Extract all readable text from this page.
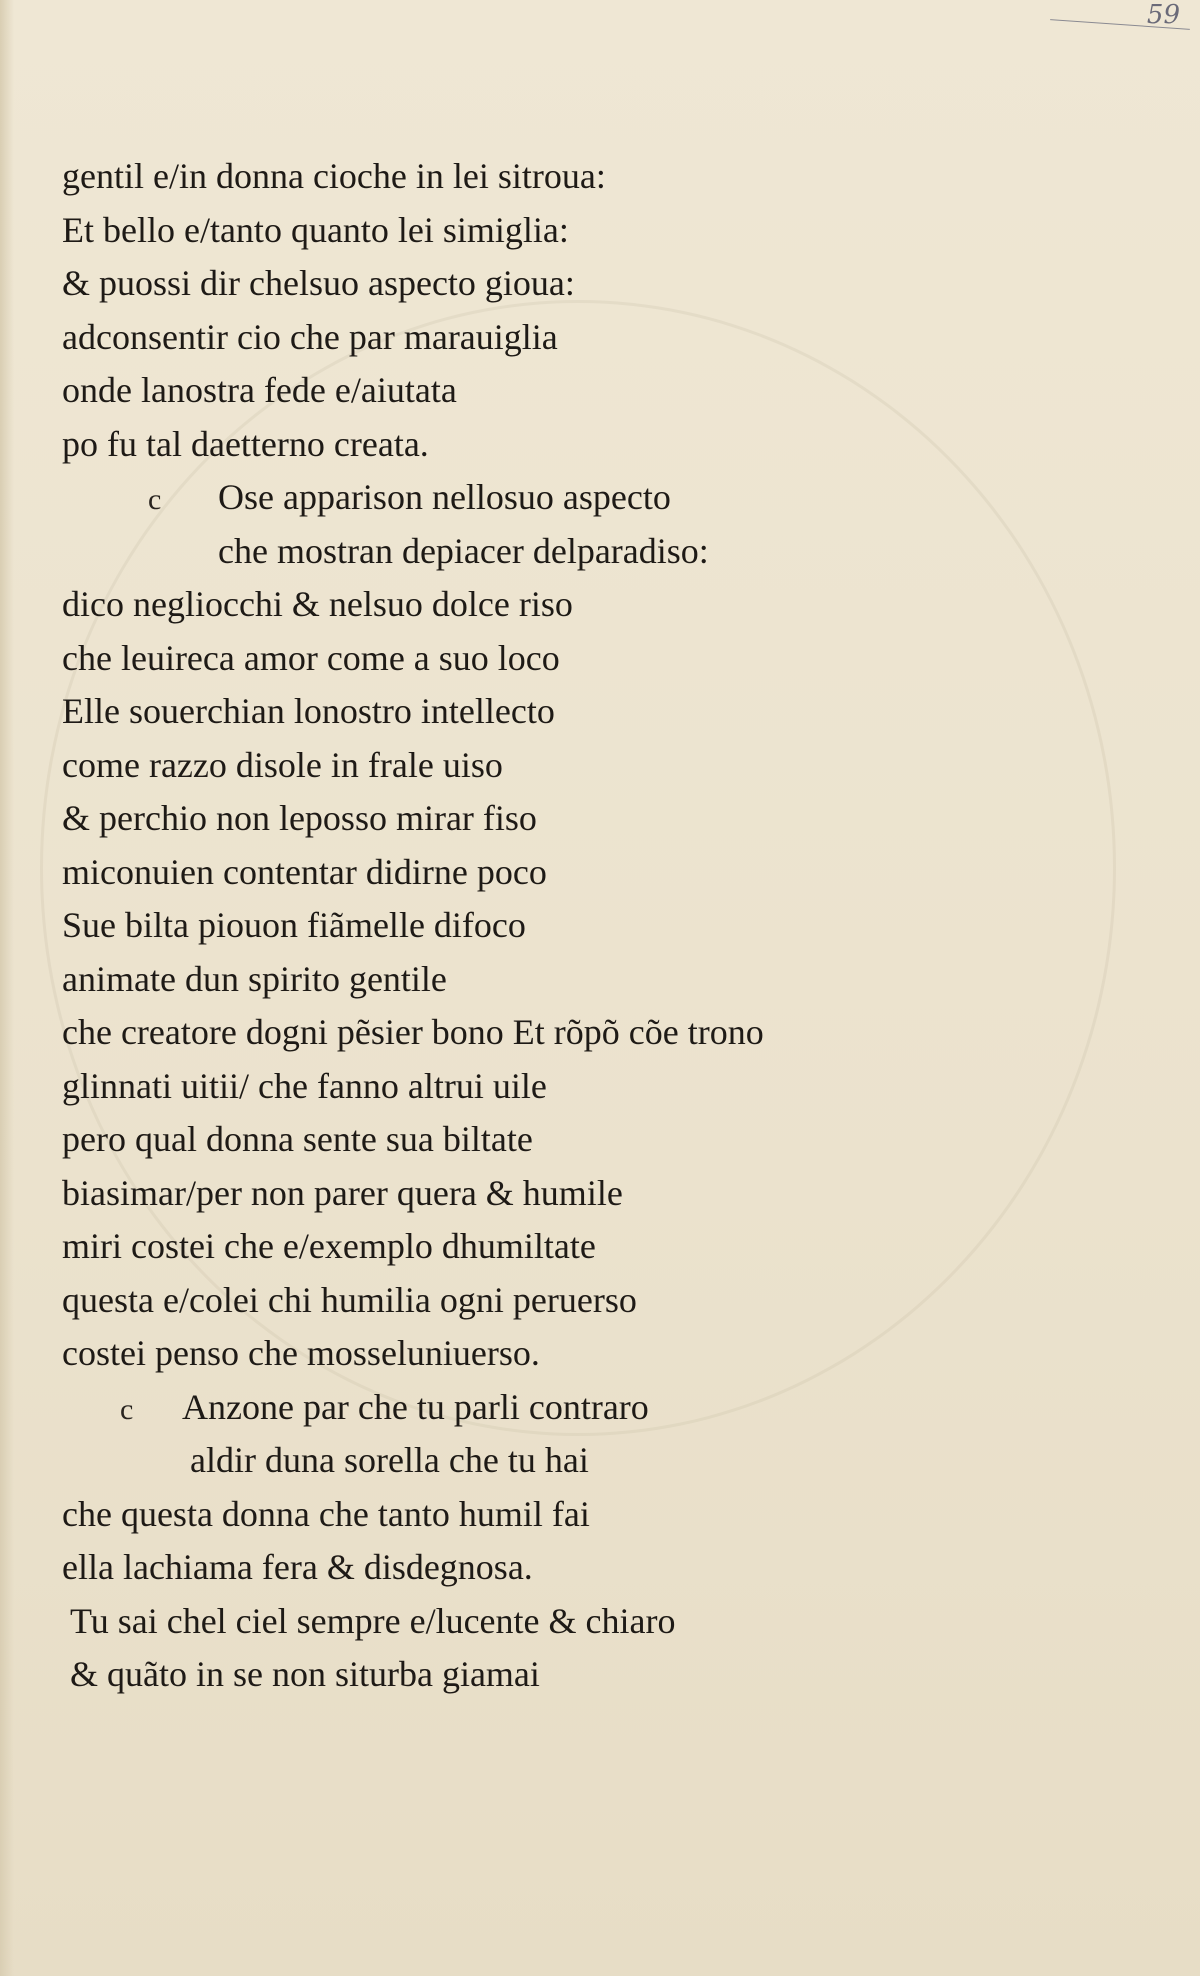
59
gentil e/in donna cioche in lei sitroua:
Et bello e/tanto quanto lei simiglia:
& puossi dir chelsuo aspecto gioua:
adconsentir cio che par marauiglia
onde lanostra fede e/aiutata
po fu tal daetterno creata.
c Ose apparison nellosuo aspecto
che mostran depiacer delparadiso:
dico negliocchi & nelsuo dolce riso
che leuireca amor come a suo loco
Elle souerchian lonostro intellecto
come razzo disole in frale uiso
& perchio non leposso mirar fiso
miconuien contentar didirne poco
Sue bilta piouon fiãmelle difoco
animate dun spirito gentile
che creatore dogni pẽsier bono Et rõpõ cõe trono
glinnati uitii/ che fanno altrui uile
pero qual donna sente sua biltate
biasimar/per non parer quera & humile
miri costei che e/exemplo dhumiltate
questa e/colei chi humilia ogni peruerso
costei penso che mosseluniuerso.
c Anzone par che tu parli contraro
aldir duna sorella che tu hai
che questa donna che tanto humil fai
ella lachiama fera & disdegnosa.
Tu sai chel ciel sempre e/lucente & chiaro
& quãto in se non siturba giamai
